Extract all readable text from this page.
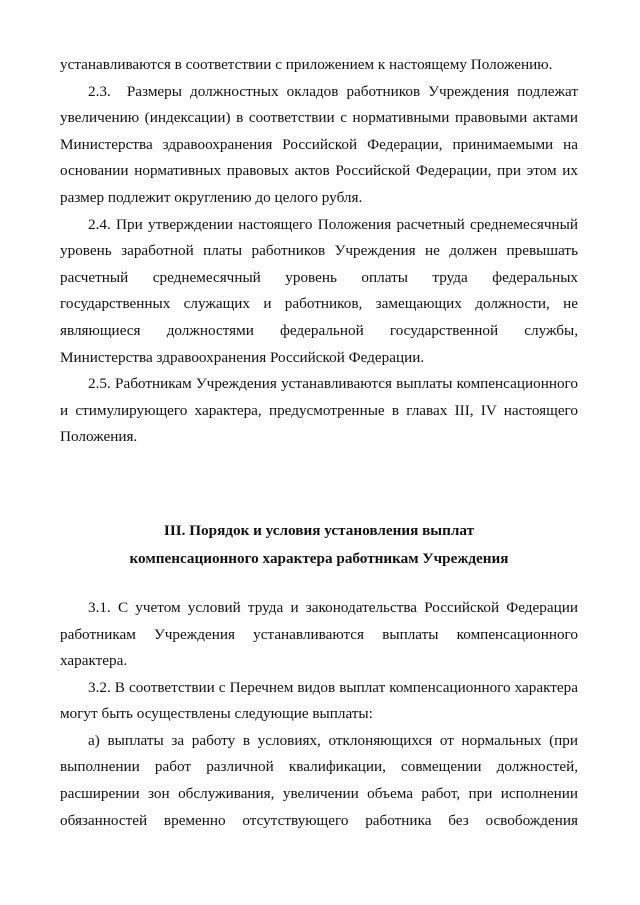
устанавливаются в соответствии с приложением к настоящему Положению.

2.3.  Размеры должностных окладов работников Учреждения подлежат увеличению (индексации) в соответствии с нормативными правовыми актами Министерства здравоохранения Российской Федерации, принимаемыми на основании нормативных правовых актов Российской Федерации, при этом их размер подлежит округлению до целого рубля.

2.4. При утверждении настоящего Положения расчетный среднемесячный уровень заработной платы работников Учреждения не должен превышать расчетный среднемесячный уровень оплаты труда федеральных государственных служащих и работников, замещающих должности, не являющиеся должностями федеральной государственной службы, Министерства здравоохранения Российской Федерации.

2.5. Работникам Учреждения устанавливаются выплаты компенсационного и стимулирующего характера, предусмотренные в главах III, IV настоящего Положения.

III. Порядок и условия установления выплат
компенсационного характера работникам Учреждения

3.1. С учетом условий труда и законодательства Российской Федерации работникам Учреждения устанавливаются выплаты компенсационного характера.

3.2. В соответствии с Перечнем видов выплат компенсационного характера могут быть осуществлены следующие выплаты:

а) выплаты за работу в условиях, отклоняющихся от нормальных (при выполнении работ различной квалификации, совмещении должностей, расширении зон обслуживания, увеличении объема работ, при исполнении обязанностей временно отсутствующего работника без освобождения
